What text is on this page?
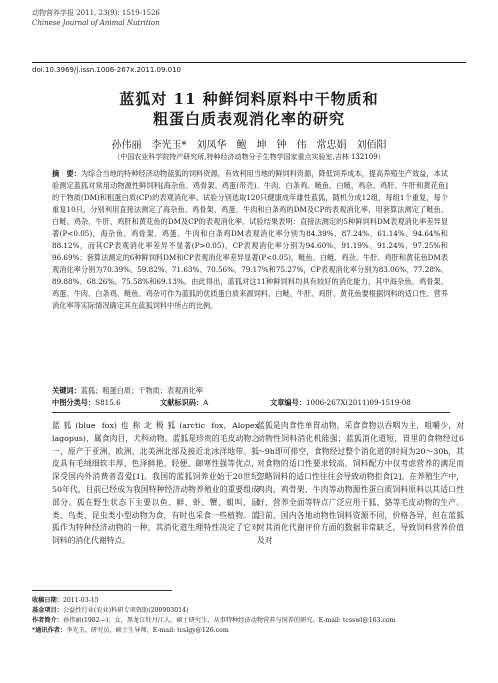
动物营养学报 2011, 23(9): 1519-1526
Chinese Journal of Animal Nutrition
doi:10.3969/j.issn.1006-267x.2011.09.010
蓝狐对 11 种鲜饲料原料中干物质和
粗蛋白质表观消化率的研究
孙伟丽　李光玉*　刘凤华　鲍　坤　钟　伟　常忠娟　刘佰阳
（中国农业科学院特产研究所,特种经济动物分子生物学国家重点实验室,吉林 132109）
摘　要：为综合当地的特种经济动物蓝狐的饲料资源，有效利用当地的鲜饲料资源，降低饲养成本，提高养殖生产效益，本试验测定蓝狐对常用动物源性鲜饲料[海杂鱼、鸡骨架、鸡蛋(带壳)、牛肉、白条鸡、鲢鱼、白鲢、鸡杂、鸡肝、牛肝和黄花鱼]的干物质(DM)和粗蛋白质(CP)的表观消化率。试验分别选取120只健康成年雄性蓝狐，随机分成12组，每组1个重复，每个重复10只，分别利用直接法测定了海杂鱼、鸡骨架、鸡蛋、牛肉和白条鸡的DM及CP的表观消化率，用套算法测定了鲢鱼、白鲢、鸡杂、牛肝、鸡肝和黄花鱼的DM及CP的表观消化率。试验结果表明：直接法测定的5种鲜饲料DM表观消化率差异显著(P<0.05)，海杂鱼、鸡骨架、鸡蛋、牛肉和白条鸡DM表观消化率分别为84.39%、87.24%、61.14%、94.64%和88.12%，而其CP表观消化率差异不显著(P>0.05)，CP表观消化率分别为94.60%、91.19%、91.24%、97.25%和96.69%；套算法测定的6种鲜饲料DM和CP表观消化率差异显著(P<0.05)，鲢鱼、白鲢、鸡杂、牛肝、鸡肝和黄花鱼DM表观消化率分别为70.39%、59.82%、71.63%、70.56%、79.17%和75.27%，CP表观消化率分别为83.06%、77.28%、89.88%、68.26%、75.58%和69.13%。由此得出，蓝狐对这11种鲜饲料均具有较好的消化能力，其中海杂鱼、鸡骨架、鸡蛋、牛肉、白条鸡、鲢鱼、鸡杂可作为蓝狐的优质蛋白质来源饲料，白鲢、牛肝、鸡肝、黄花鱼要根据饲料的适口性、营养消化率等实际情况确定其在蓝狐饲料中所占的比例。
关键词：蓝狐；粗蛋白质；干物质；表观消化率
中图分类号：S815.6	文献标识码：A	文章编号：1006-267X(2011)09-1519-08
蓝狐(blue fox)也称北极狐(arctic fox, Alopex lagopus)，属食肉目，犬科动物。蓝狐是珍贵的毛皮动物之一，原产于亚洲、欧洲、北美洲北部及接近北冰洋地带。狐皮具有毛绒细软丰厚、色泽鲜艳、轻便、御寒性强等优点，深受国内外消费者喜爱[1]。我国的蓝狐饲养业始于20世纪50年代，目前已经成为我国特种经济动物养殖业的重要组成部分。狐在野生状态下主要以鱼、鲜、虾、蟹、蛆叫、鼠类、鸟类、昆虫类小型动物为食，有时也采食一些植物。蓝狐作为特种经济动物的一种，其消化道生理特性决定了它对饲料的消化代谢特点。
蓝狐是肉食性单胃动物，采食食物以吞咽为主，咀嚼少，对动物性饲料消化机能强；蓝狐消化道短，胃里的食物经过6～9h即可排空，食物经过整个消化道的时间为20～30h，其对食物的适口性要求较高，饲料配方中仅考虑营养的满足而忽略饲料的适口性往往会导致动物拒食[2]。在养殖生产中，鸡肉、鸡骨架、牛肉等动物源性蛋白质饲料原料以其适口性好、营养全面等特点广泛应用于狐、貉等毛皮动物的生产。目前，国内各地动物性饲料资源不同，价格各异，但在蓝狐对其消化代谢评价方面的数据非常缺乏，导致饲料营养价值及对
收稿日期：2011-03-15
基金项目：公益性行业(农业)科研专项资助(200903014)
作者简介：孙伟丽(1982—)，女，黑龙江牡丹江人，硕士研究生，从事特种经济动物营养与饲养的研究。E-mail: tcsswl@163.com
*通讯作者：李光玉，研究员，硕士生导师，E-mail: tcslgy@126.com
